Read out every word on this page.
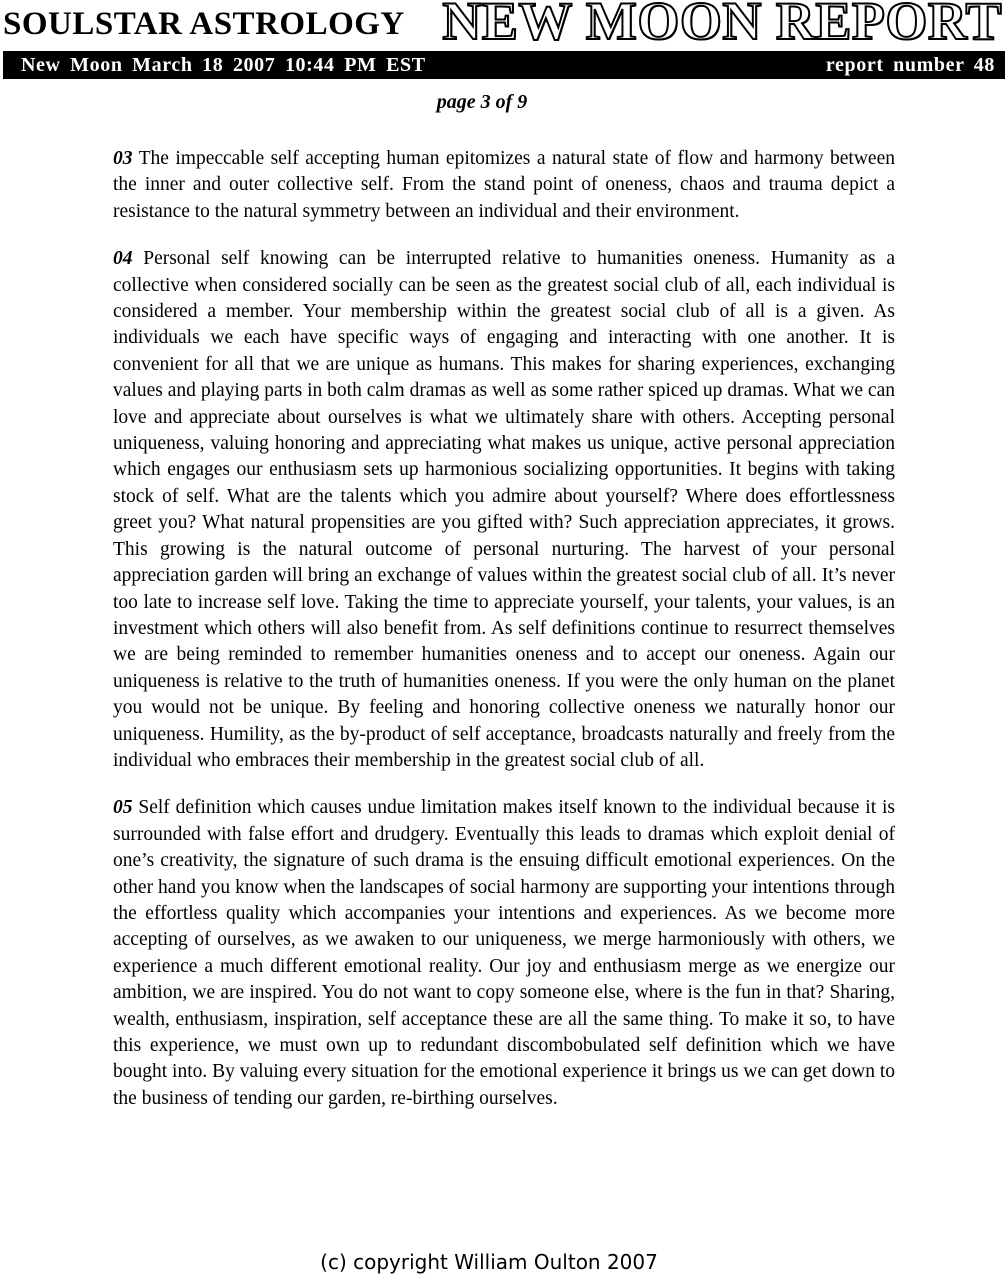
SOULSTAR ASTROLOGY NEW MOON REPORT
New Moon March 18 2007 10:44 PM EST	report number 48
page 3 of 9

03 The impeccable self accepting human epitomizes a natural state of flow and harmony between the inner and outer collective self. From the stand point of oneness, chaos and trauma depict a resistance to the natural symmetry between an individual and their environment.

04 Personal self knowing can be interrupted relative to humanities oneness. Humanity as a collective when considered socially can be seen as the greatest social club of all, each individual is considered a member. Your membership within the greatest social club of all is a given. As individuals we each have specific ways of engaging and interacting with one another. It is convenient for all that we are unique as humans. This makes for sharing experiences, exchanging values and playing parts in both calm dramas as well as some rather spiced up dramas. What we can love and appreciate about ourselves is what we ultimately share with others. Accepting personal uniqueness, valuing honoring and appreciating what makes us unique, active personal appreciation which engages our enthusiasm sets up harmonious socializing opportunities. It begins with taking stock of self. What are the talents which you admire about yourself? Where does effortlessness greet you? What natural propensities are you gifted with? Such appreciation appreciates, it grows. This growing is the natural outcome of personal nurturing. The harvest of your personal appreciation garden will bring an exchange of values within the greatest social club of all. It’s never too late to increase self love. Taking the time to appreciate yourself, your talents, your values, is an investment which others will also benefit from. As self definitions continue to resurrect themselves we are being reminded to remember humanities oneness and to accept our oneness. Again our uniqueness is relative to the truth of humanities oneness. If you were the only human on the planet you would not be unique. By feeling and honoring collective oneness we naturally honor our uniqueness. Humility, as the by-product of self acceptance, broadcasts naturally and freely from the individual who embraces their membership in the greatest social club of all.

05 Self definition which causes undue limitation makes itself known to the individual because it is surrounded with false effort and drudgery. Eventually this leads to dramas which exploit denial of one’s creativity, the signature of such drama is the ensuing difficult emotional experiences. On the other hand you know when the landscapes of social harmony are supporting your intentions through the effortless quality which accompanies your intentions and experiences. As we become more accepting of ourselves, as we awaken to our uniqueness, we merge harmoniously with others, we experience a much different emotional reality. Our joy and enthusiasm merge as we energize our ambition, we are inspired. You do not want to copy someone else, where is the fun in that? Sharing, wealth, enthusiasm, inspiration, self acceptance these are all the same thing. To make it so, to have this experience, we must own up to redundant discombobulated self definition which we have bought into. By valuing every situation for the emotional experience it brings us we can get down to the business of tending our garden, re-birthing ourselves.

(c) copyright William Oulton 2007
